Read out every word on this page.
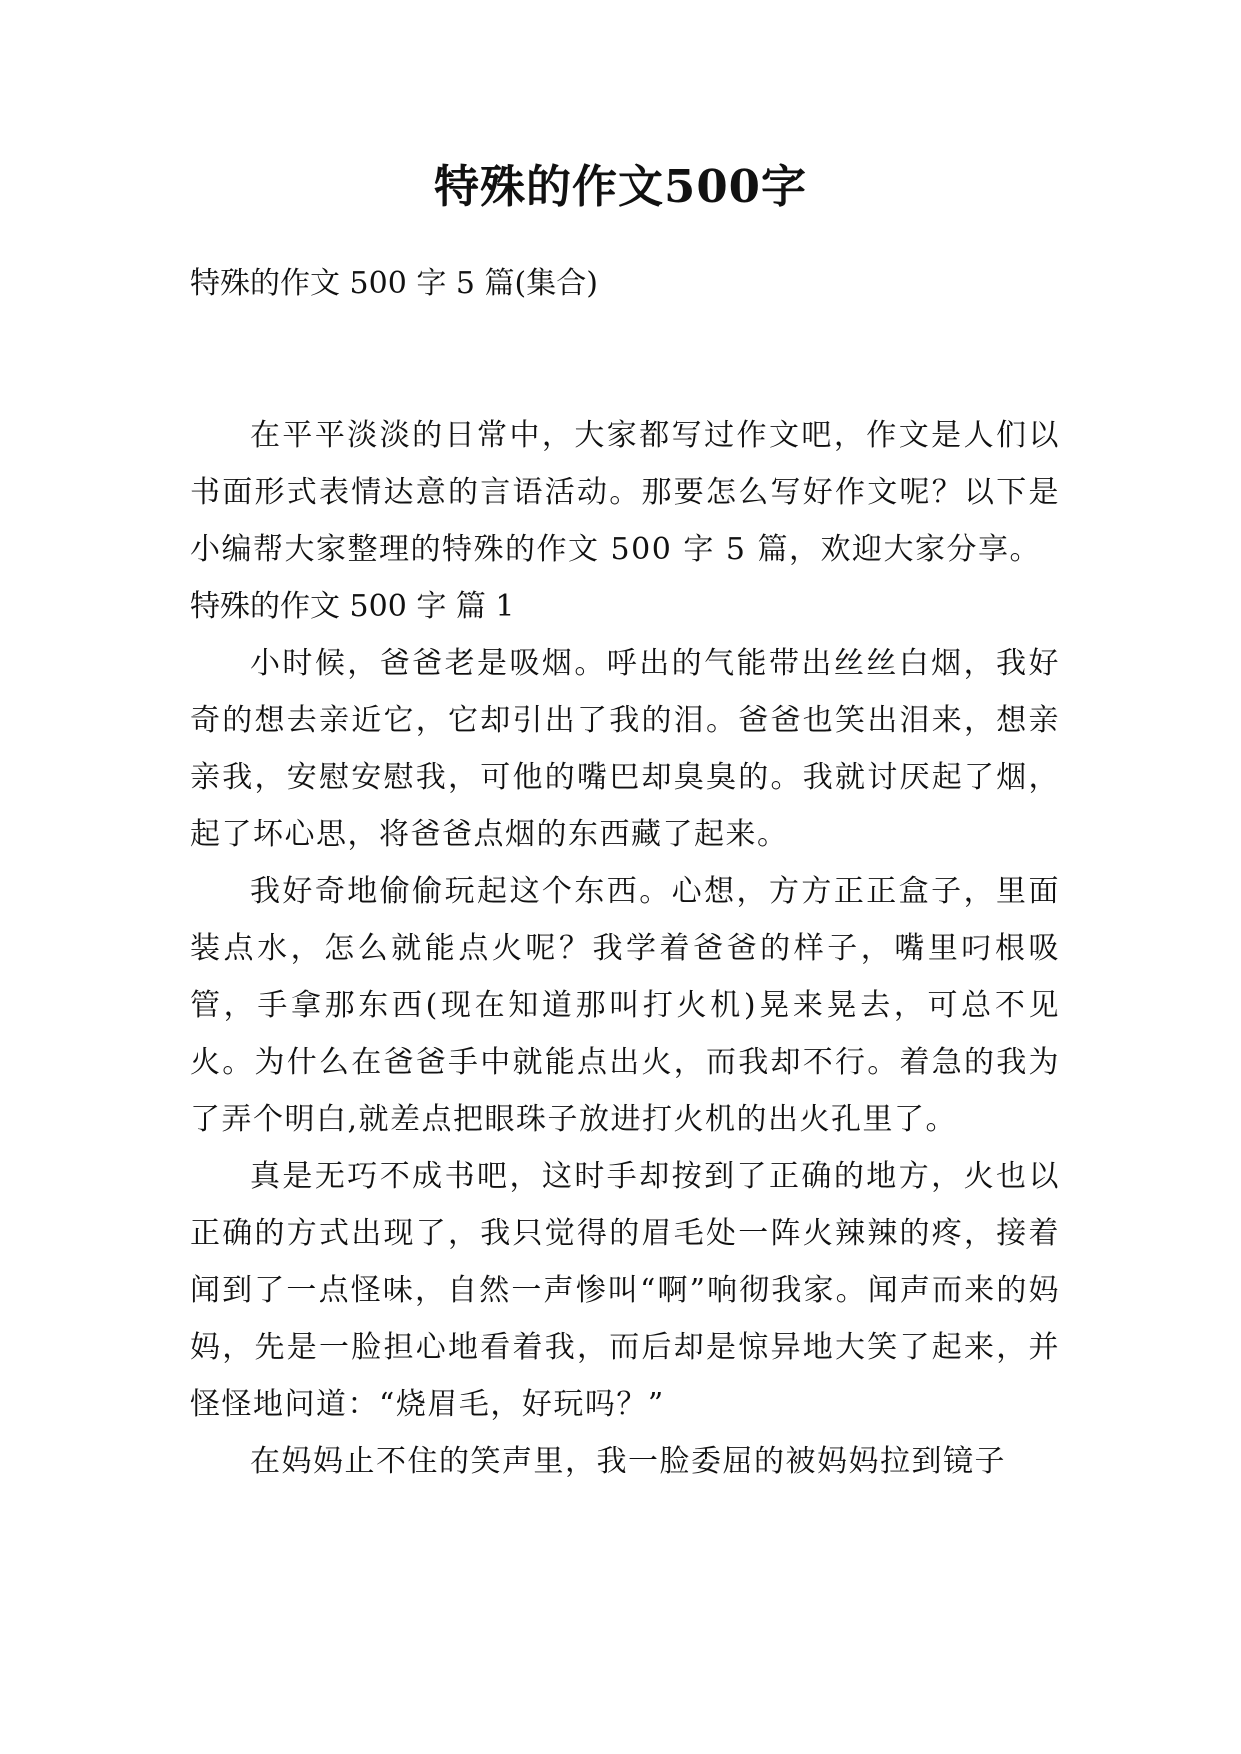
特殊的作文500字
特殊的作文 500 字 5 篇(集合)

在平平淡淡的日常中，大家都写过作文吧，作文是人们以书面形式表情达意的言语活动。那要怎么写好作文呢？以下是小编帮大家整理的特殊的作文 500 字 5 篇，欢迎大家分享。

特殊的作文 500 字 篇 1

小时候，爸爸老是吸烟。呼出的气能带出丝丝白烟，我好奇的想去亲近它，它却引出了我的泪。爸爸也笑出泪来，想亲亲我，安慰安慰我，可他的嘴巴却臭臭的。我就讨厌起了烟，起了坏心思，将爸爸点烟的东西藏了起来。

我好奇地偷偷玩起这个东西。心想，方方正正盒子，里面装点水，怎么就能点火呢？我学着爸爸的样子，嘴里叼根吸管，手拿那东西(现在知道那叫打火机)晃来晃去，可总不见火。为什么在爸爸手中就能点出火，而我却不行。着急的我为了弄个明白,就差点把眼珠子放进打火机的出火孔里了。

真是无巧不成书吧，这时手却按到了正确的地方，火也以正确的方式出现了，我只觉得的眉毛处一阵火辣辣的疼，接着闻到了一点怪味，自然一声惨叫“啊”响彻我家。闻声而来的妈妈，先是一脸担心地看着我，而后却是惊异地大笑了起来，并怪怪地问道：“烧眉毛，好玩吗？”

在妈妈止不住的笑声里，我一脸委屈的被妈妈拉到镜子
